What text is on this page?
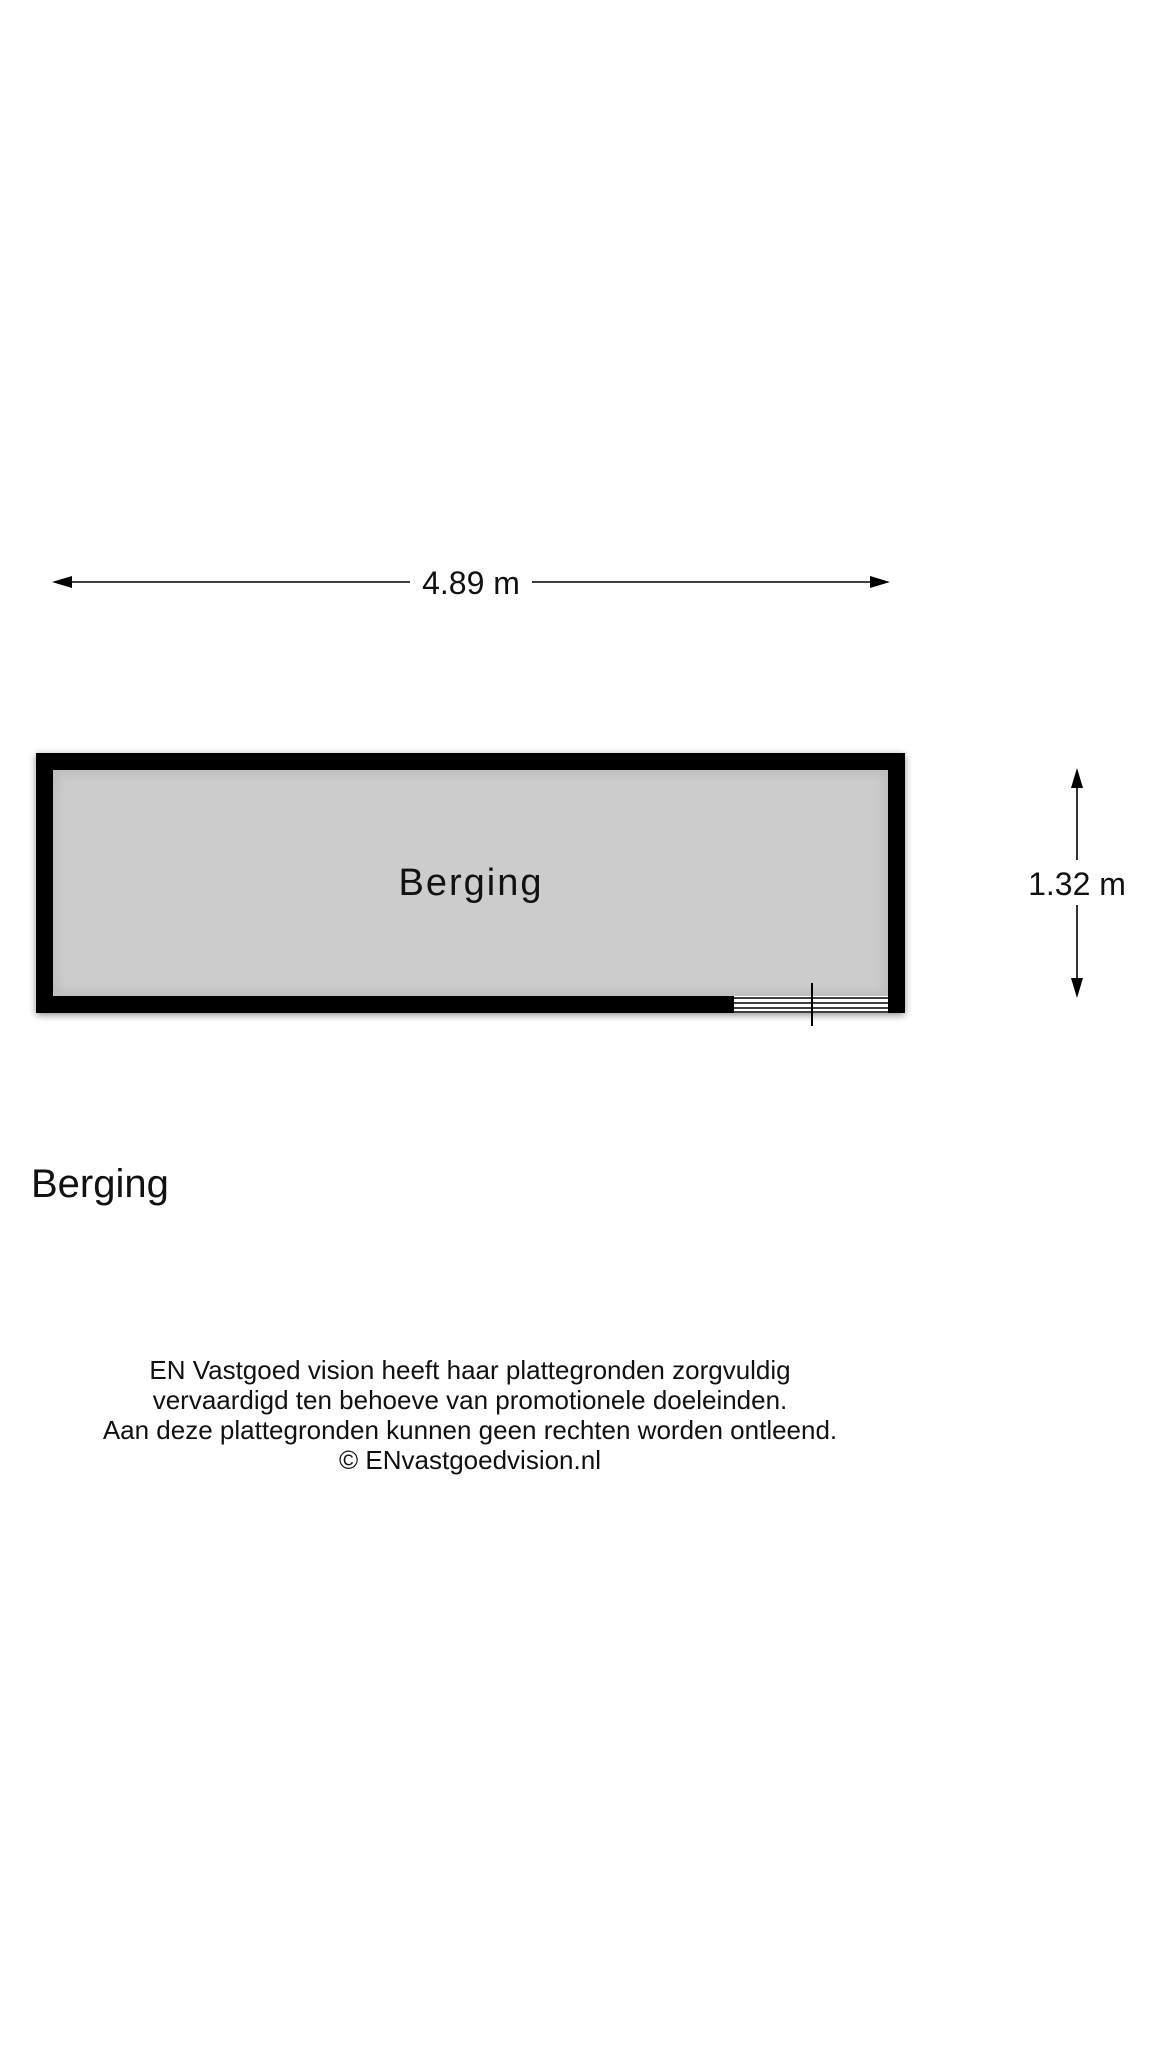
4.89 m
1.32 m
Berging
Berging
EN Vastgoed vision heeft haar plattegronden zorgvuldig
vervaardigd ten behoeve van promotionele doeleinden.
Aan deze plattegronden kunnen geen rechten worden ontleend.
© ENvastgoedvision.nl
